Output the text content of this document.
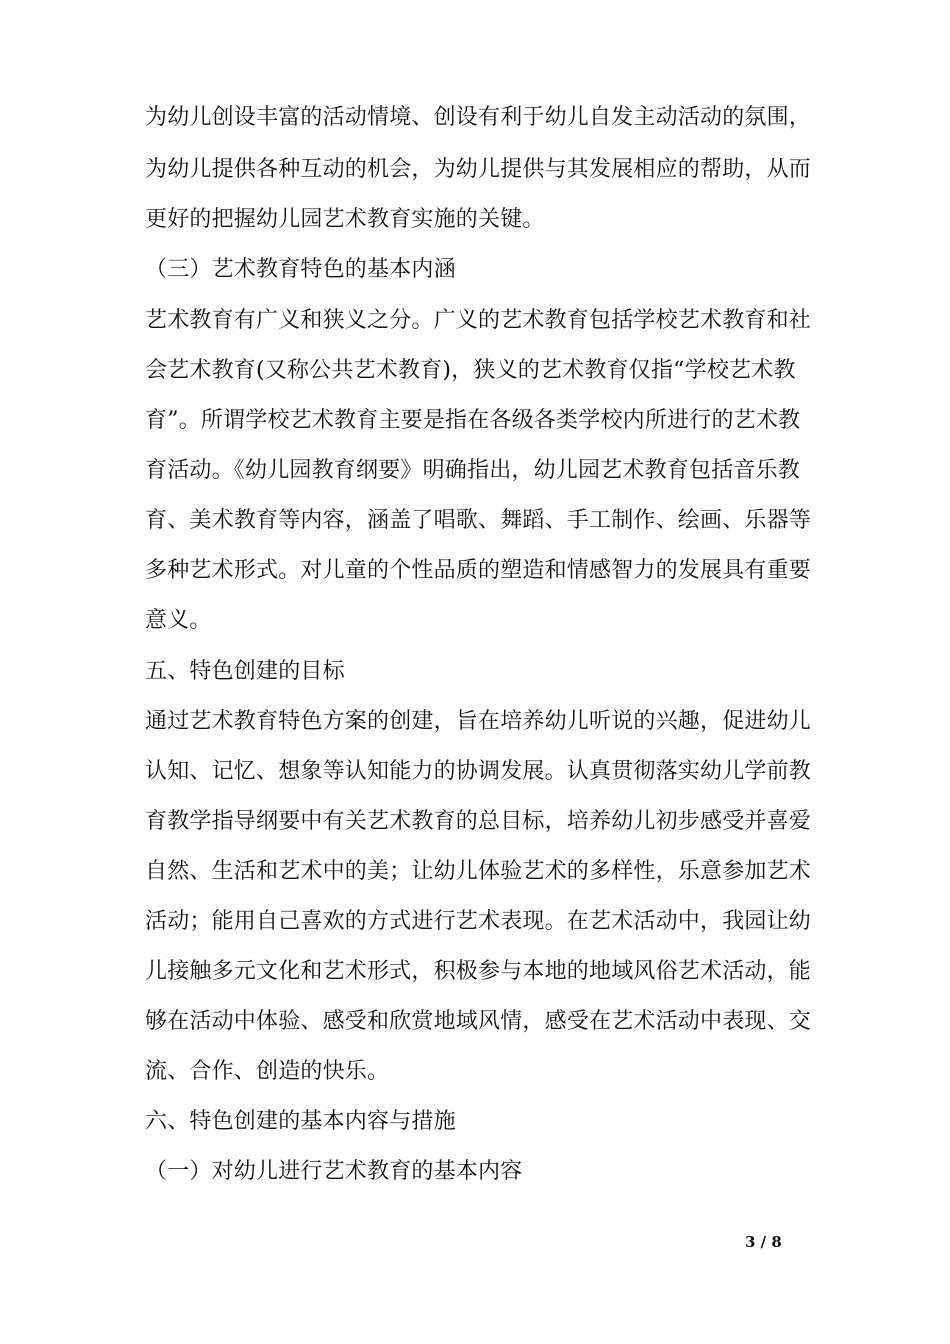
为幼儿创设丰富的活动情境、创设有利于幼儿自发主动活动的氛围，
为幼儿提供各种互动的机会，为幼儿提供与其发展相应的帮助，从而
更好的把握幼儿园艺术教育实施的关键。
（三）艺术教育特色的基本内涵
艺术教育有广义和狭义之分。广义的艺术教育包括学校艺术教育和社
会艺术教育(又称公共艺术教育)，狭义的艺术教育仅指“学校艺术教
育”。所谓学校艺术教育主要是指在各级各类学校内所进行的艺术教
育活动。《幼儿园教育纲要》明确指出，幼儿园艺术教育包括音乐教
育、美术教育等内容，涵盖了唱歌、舞蹈、手工制作、绘画、乐器等
多种艺术形式。对儿童的个性品质的塑造和情感智力的发展具有重要
意义。
五、特色创建的目标
通过艺术教育特色方案的创建，旨在培养幼儿听说的兴趣，促进幼儿
认知、记忆、想象等认知能力的协调发展。认真贯彻落实幼儿学前教
育教学指导纲要中有关艺术教育的总目标，培养幼儿初步感受并喜爱
自然、生活和艺术中的美；让幼儿体验艺术的多样性，乐意参加艺术
活动；能用自己喜欢的方式进行艺术表现。在艺术活动中，我园让幼
儿接触多元文化和艺术形式，积极参与本地的地域风俗艺术活动，能
够在活动中体验、感受和欣赏地域风情，感受在艺术活动中表现、交
流、合作、创造的快乐。
六、特色创建的基本内容与措施
（一）对幼儿进行艺术教育的基本内容
3 / 8
